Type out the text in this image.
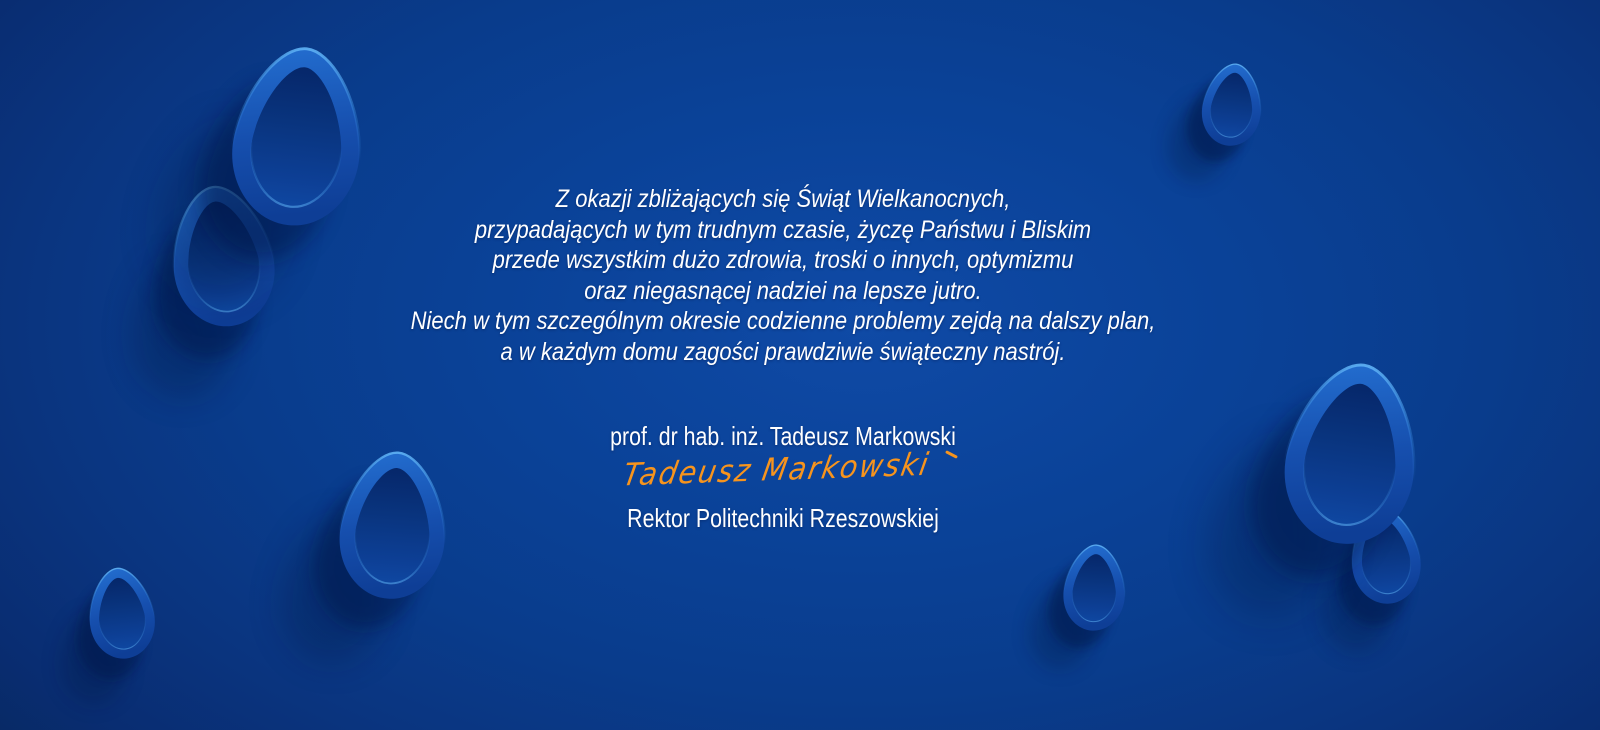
Z okazji zbliżających się Świąt Wielkanocnych,
przypadających w tym trudnym czasie, życzę Państwu i Bliskim
przede wszystkim dużo zdrowia, troski o innych, optymizmu
oraz niegasnącej nadziei na lepsze jutro.
Niech w tym szczególnym okresie codzienne problemy zejdą na dalszy plan,
a w każdym domu zagości prawdziwie świąteczny nastrój.
prof. dr hab. inż. Tadeusz Markowski
Tadeusz Markowski
Rektor Politechniki Rzeszowskiej
